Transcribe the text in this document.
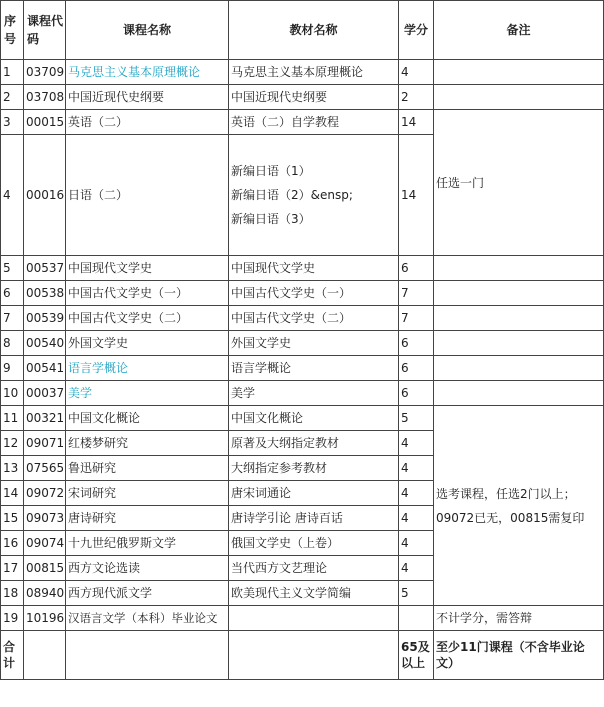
序号	课程代码	课程名称	教材名称	学分	备注
1	03709	马克思主义基本原理概论	马克思主义基本原理概论	4	
2	03708	中国近现代史纲要	中国近现代史纲要	2	
3	00015	英语（二）	英语（二）自学教程	14	任选一门
4	00016	日语（二）	新编日语（1）
新编日语（2）&ensp;
新编日语（3）	14	
5	00537	中国现代文学史	中国现代文学史	6	
6	00538	中国古代文学史（一）	中国古代文学史（一）	7	
7	00539	中国古代文学史（二）	中国古代文学史（二）	7	
8	00540	外国文学史	外国文学史	6	
9	00541	语言学概论	语言学概论	6	
10	00037	美学	美学	6	
11	00321	中国文化概论	中国文化概论	5	选考课程，任选2门以上；
09072已无，00815需复印

12	09071	红楼梦研究	原著及大纲指定教材	4	
13	07565	鲁迅研究	大纲指定参考教材	4	
14	09072	宋词研究	唐宋词通论	4	
15	09073	唐诗研究	唐诗学引论 唐诗百话	4	
16	09074	十九世纪俄罗斯文学	俄国文学史（上卷）	4	
17	00815	西方文论选读	当代西方文艺理论	4	
18	08940	西方现代派文学	欧美现代主义文学简编	5	
19	10196	汉语言文学（本科）毕业论文			不计学分，需答辩
合计				65及以上	至少11门课程（不含毕业论文）
